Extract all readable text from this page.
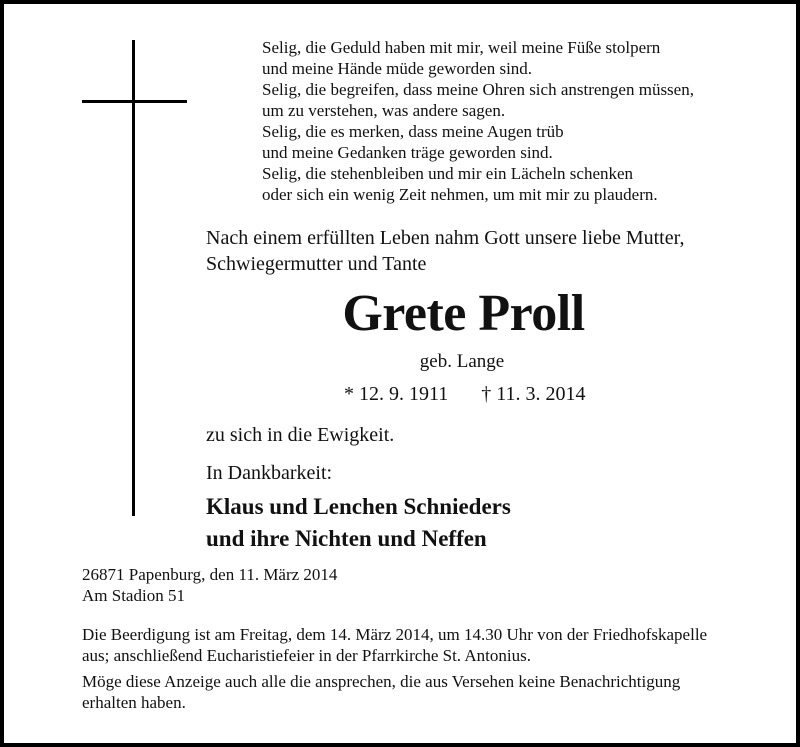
Selig, die Geduld haben mit mir, weil meine Füße stolpern
und meine Hände müde geworden sind.
Selig, die begreifen, dass meine Ohren sich anstrengen müssen,
um zu verstehen, was andere sagen.
Selig, die es merken, dass meine Augen trüb
und meine Gedanken träge geworden sind.
Selig, die stehenbleiben und mir ein Lächeln schenken
oder sich ein wenig Zeit nehmen, um mit mir zu plaudern.
Nach einem erfüllten Leben nahm Gott unsere liebe Mutter,
Schwiegermutter und Tante
Grete Proll
geb. Lange
* 12. 9. 1911 † 11. 3. 2014
zu sich in die Ewigkeit.
In Dankbarkeit:
Klaus und Lenchen Schnieders
und ihre Nichten und Neffen
26871 Papenburg, den 11. März 2014
Am Stadion 51
Die Beerdigung ist am Freitag, dem 14. März 2014, um 14.30 Uhr von der Friedhofskapelle
aus; anschließend Eucharistiefeier in der Pfarrkirche St. Antonius.
Möge diese Anzeige auch alle die ansprechen, die aus Versehen keine Benachrichtigung
erhalten haben.
